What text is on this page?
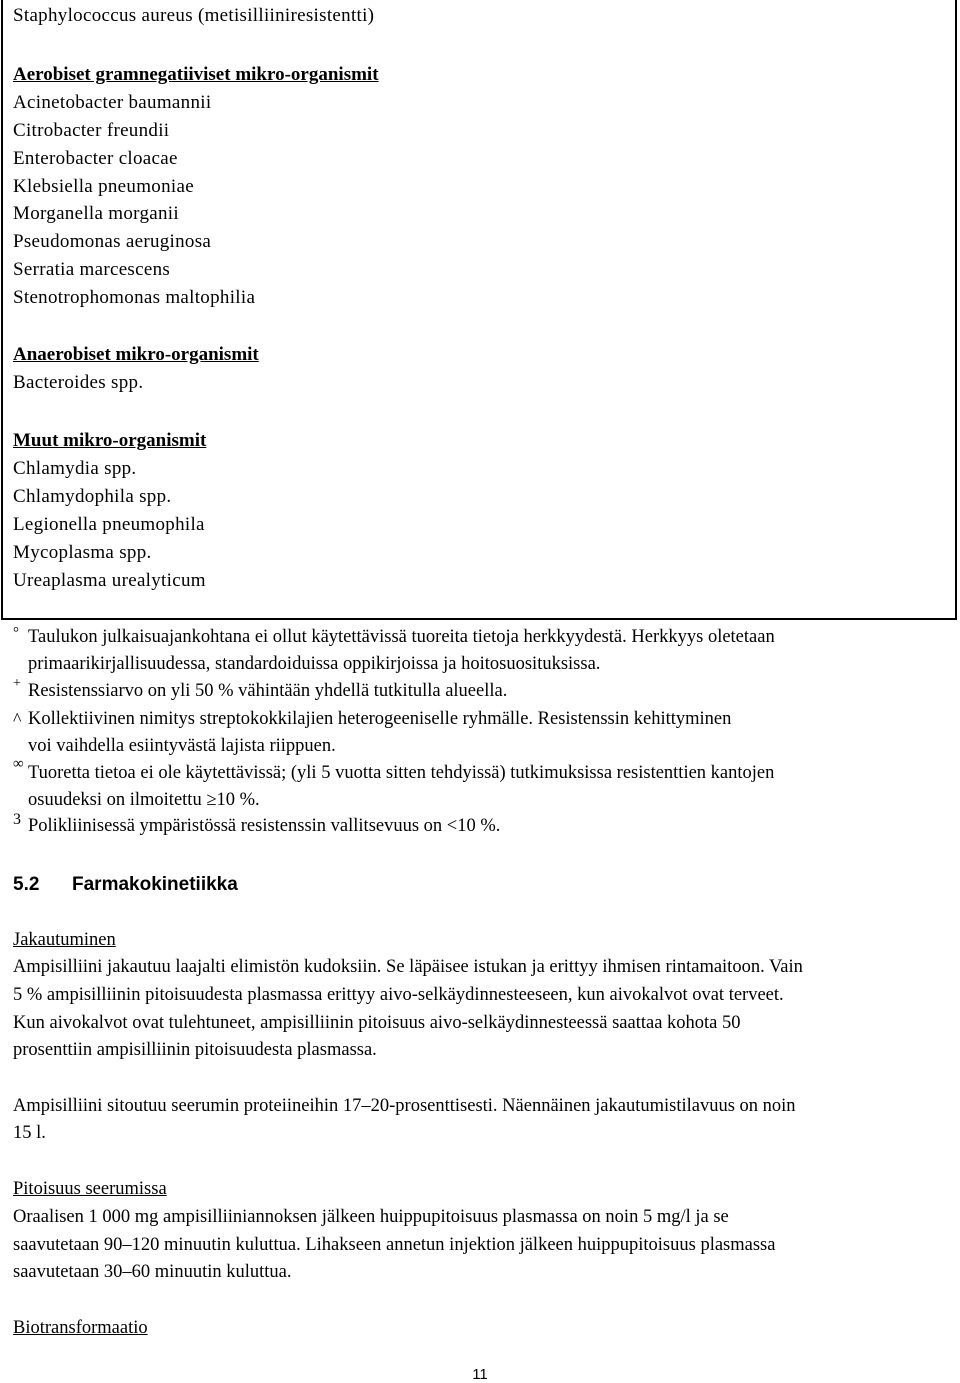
Staphylococcus aureus (metisilliiniresistentti)
Aerobiset gramnegatiiviset mikro-organismit
Acinetobacter baumannii
Citrobacter freundii
Enterobacter cloacae
Klebsiella pneumoniae
Morganella morganii
Pseudomonas aeruginosa
Serratia marcescens
Stenotrophomonas maltophilia
Anaerobiset mikro-organismit
Bacteroides spp.
Muut mikro-organismit
Chlamydia spp.
Chlamydophila spp.
Legionella pneumophila
Mycoplasma spp.
Ureaplasma urealyticum
° Taulukon julkaisuajankohtana ei ollut käytettävissä tuoreita tietoja herkkyydestä. Herkkyys oletetaan
primaarikirjallisuudessa, standardoiduissa oppikirjoissa ja hoitosuosituksissa.
+ Resistenssiarvo on yli 50 % vähintään yhdellä tutkitulla alueella.
^ Kollektiivinen nimitys streptokokkilajien heterogeeniselle ryhmälle. Resistenssin kehittyminen
voi vaihdella esiintyvästä lajista riippuen.
∞ Tuoretta tietoa ei ole käytettävissä; (yli 5 vuotta sitten tehdyissä) tutkimuksissa resistenttien kantojen
osuudeksi on ilmoitettu ≥10 %.
3 Polikliinisessä ympäristössä resistenssin vallitsevuus on <10 %.
5.2 Farmakokinetiikka
Jakautuminen
Ampisilliini jakautuu laajalti elimistön kudoksiin. Se läpäisee istukan ja erittyy ihmisen rintamaitoon. Vain
5 % ampisilliinin pitoisuudesta plasmassa erittyy aivo-selkäydinnesteeseen, kun aivokalvot ovat terveet.
Kun aivokalvot ovat tulehtuneet, ampisilliinin pitoisuus aivo-selkäydinnesteessä saattaa kohota 50
prosenttiin ampisilliinin pitoisuudesta plasmassa.
Ampisilliini sitoutuu seerumin proteiineihin 17–20-prosenttisesti. Näennäinen jakautumistilavuus on noin
15 l.
Pitoisuus seerumissa
Oraalisen 1 000 mg ampisilliiniannoksen jälkeen huippupitoisuus plasmassa on noin 5 mg/l ja se
saavutetaan 90–120 minuutin kuluttua. Lihakseen annetun injektion jälkeen huippupitoisuus plasmassa
saavutetaan 30–60 minuutin kuluttua.
Biotransformaatio
11
